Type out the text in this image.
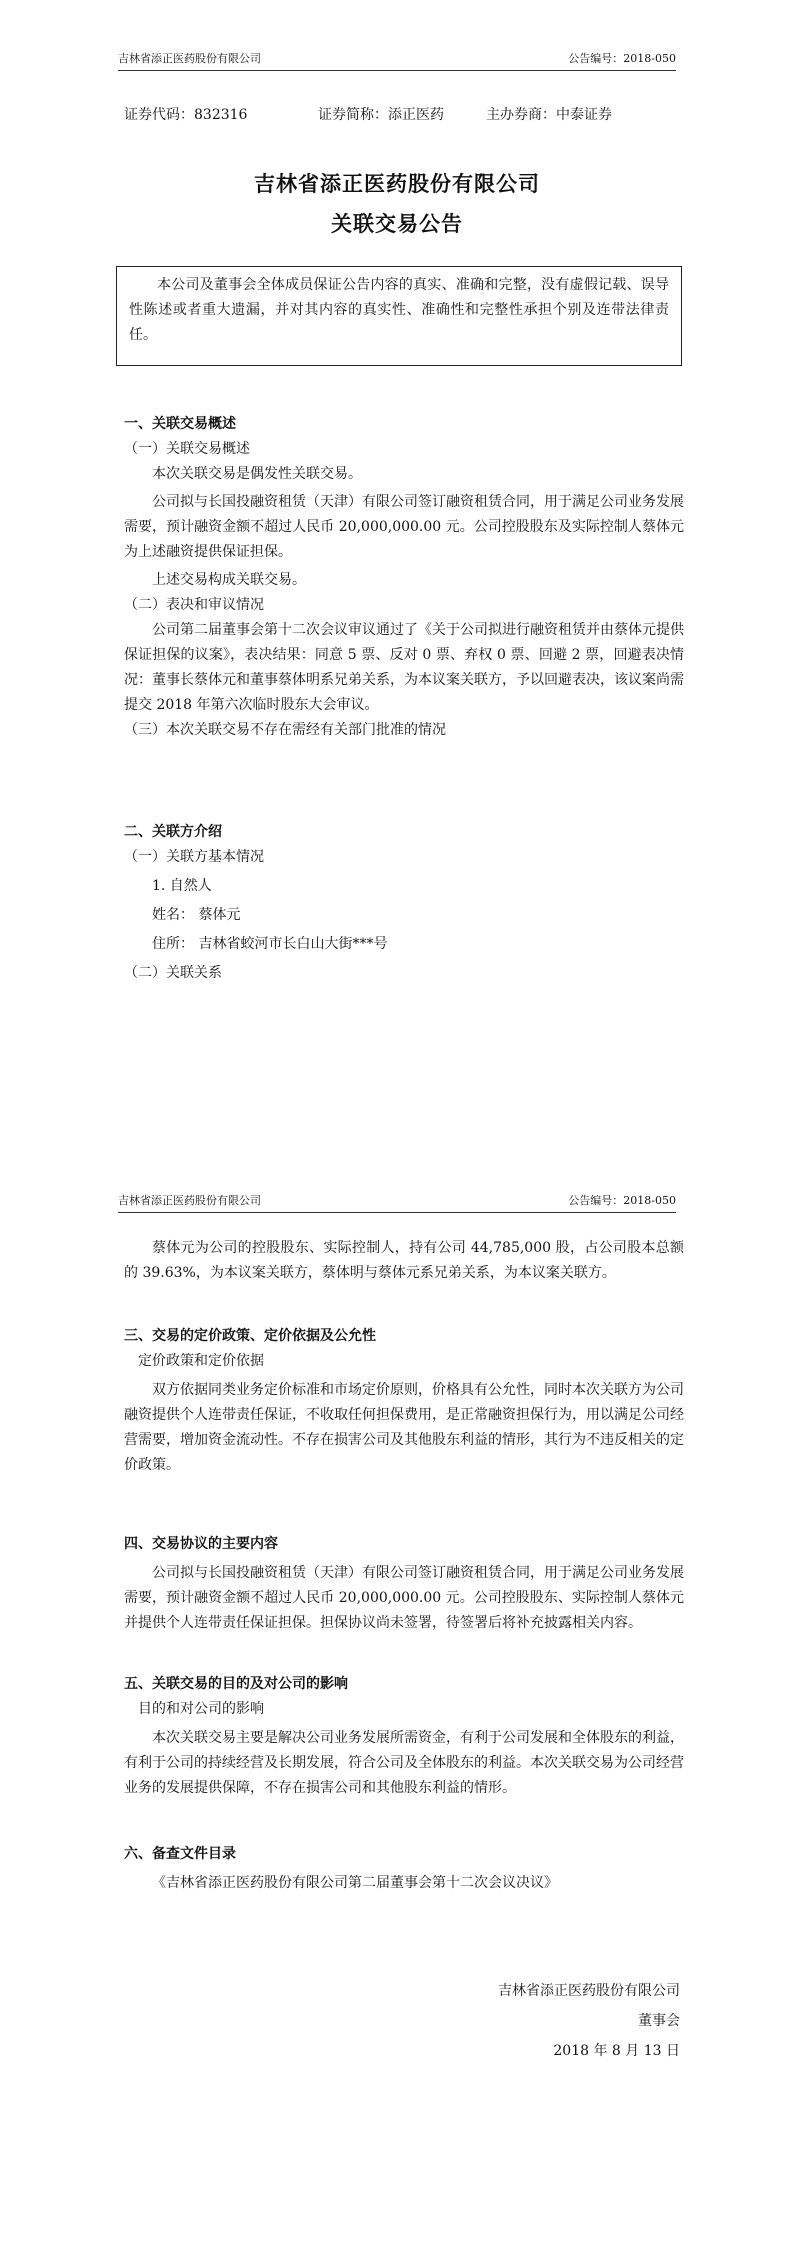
吉林省添正医药股份有限公司	公告编号：2018-050
证券代码：832316	证券简称：添正医药	主办券商：中泰证券
吉林省添正医药股份有限公司
关联交易公告
本公司及董事会全体成员保证公告内容的真实、准确和完整，没有虚假记载、误导性陈述或者重大遗漏，并对其内容的真实性、准确性和完整性承担个别及连带法律责任。
一、关联交易概述
（一）关联交易概述
本次关联交易是偶发性关联交易。
公司拟与长国投融资租赁（天津）有限公司签订融资租赁合同，用于满足公司业务发展需要，预计融资金额不超过人民币 20,000,000.00 元。公司控股股东及实际控制人蔡体元为上述融资提供保证担保。
上述交易构成关联交易。
（二）表决和审议情况
公司第二届董事会第十二次会议审议通过了《关于公司拟进行融资租赁并由蔡体元提供保证担保的议案》，表决结果：同意 5 票、反对 0 票、弃权 0 票、回避 2 票，回避表决情况：董事长蔡体元和董事蔡体明系兄弟关系，为本议案关联方，予以回避表决，该议案尚需提交 2018 年第六次临时股东大会审议。
（三）本次关联交易不存在需经有关部门批准的情况
二、关联方介绍
（一）关联方基本情况
1. 自然人
姓名： 蔡体元
住所： 吉林省蛟河市长白山大街***号
（二）关联关系
吉林省添正医药股份有限公司	公告编号：2018-050
蔡体元为公司的控股股东、实际控制人，持有公司 44,785,000 股，占公司股本总额的 39.63%，为本议案关联方，蔡体明与蔡体元系兄弟关系，为本议案关联方。
三、交易的定价政策、定价依据及公允性
定价政策和定价依据
双方依据同类业务定价标准和市场定价原则，价格具有公允性，同时本次关联方为公司融资提供个人连带责任保证，不收取任何担保费用，是正常融资担保行为，用以满足公司经营需要，增加资金流动性。不存在损害公司及其他股东利益的情形，其行为不违反相关的定价政策。
四、交易协议的主要内容
公司拟与长国投融资租赁（天津）有限公司签订融资租赁合同，用于满足公司业务发展需要，预计融资金额不超过人民币 20,000,000.00 元。公司控股股东、实际控制人蔡体元并提供个人连带责任保证担保。担保协议尚未签署，待签署后将补充披露相关内容。
五、关联交易的目的及对公司的影响
目的和对公司的影响
本次关联交易主要是解决公司业务发展所需资金，有利于公司发展和全体股东的利益，有利于公司的持续经营及长期发展，符合公司及全体股东的利益。本次关联交易为公司经营业务的发展提供保障，不存在损害公司和其他股东利益的情形。
六、备查文件目录
《吉林省添正医药股份有限公司第二届董事会第十二次会议决议》
吉林省添正医药股份有限公司
董事会
2018 年 8 月 13 日
